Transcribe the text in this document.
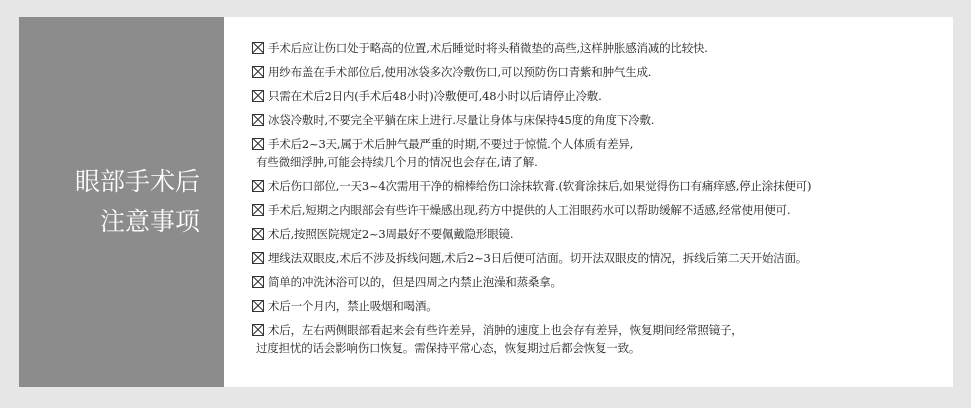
眼部手术后
注意事项
手术后应让伤口处于略高的位置,术后睡觉时将头稍微垫的高些,这样肿胀感消减的比较快.
用纱布盖在手术部位后,使用冰袋多次冷敷伤口,可以预防伤口青紫和肿气生成.
只需在术后2日内(手术后48小时)冷敷便可,48小时以后请停止冷敷.
冰袋冷敷时,不要完全平躺在床上进行.尽量让身体与床保持45度的角度下冷敷.
手术后2~3天,属于术后肿气最严重的时期,不要过于惊慌.个人体质有差异,
有些微细浮肿,可能会持续几个月的情况也会存在,请了解.
术后伤口部位,一天3~4次需用干净的棉棒给伤口涂抹软膏.(软膏涂抹后,如果觉得伤口有痛痒感,停止涂抹便可)
手术后,短期之内眼部会有些许干燥感出现,药方中提供的人工泪眼药水可以帮助缓解不适感,经常使用便可.
术后,按照医院规定2~3周最好不要佩戴隐形眼镜.
埋线法双眼皮,术后不涉及拆线问题,术后2~3日后便可洁面。切开法双眼皮的情况，拆线后第二天开始洁面。
简单的冲洗沐浴可以的，但是四周之内禁止泡澡和蒸桑拿。
术后一个月内，禁止吸烟和喝酒。
术后，左右两侧眼部看起来会有些许差异，消肿的速度上也会存有差异，恢复期间经常照镜子，
过度担忧的话会影响伤口恢复。需保持平常心态，恢复期过后都会恢复一致。
